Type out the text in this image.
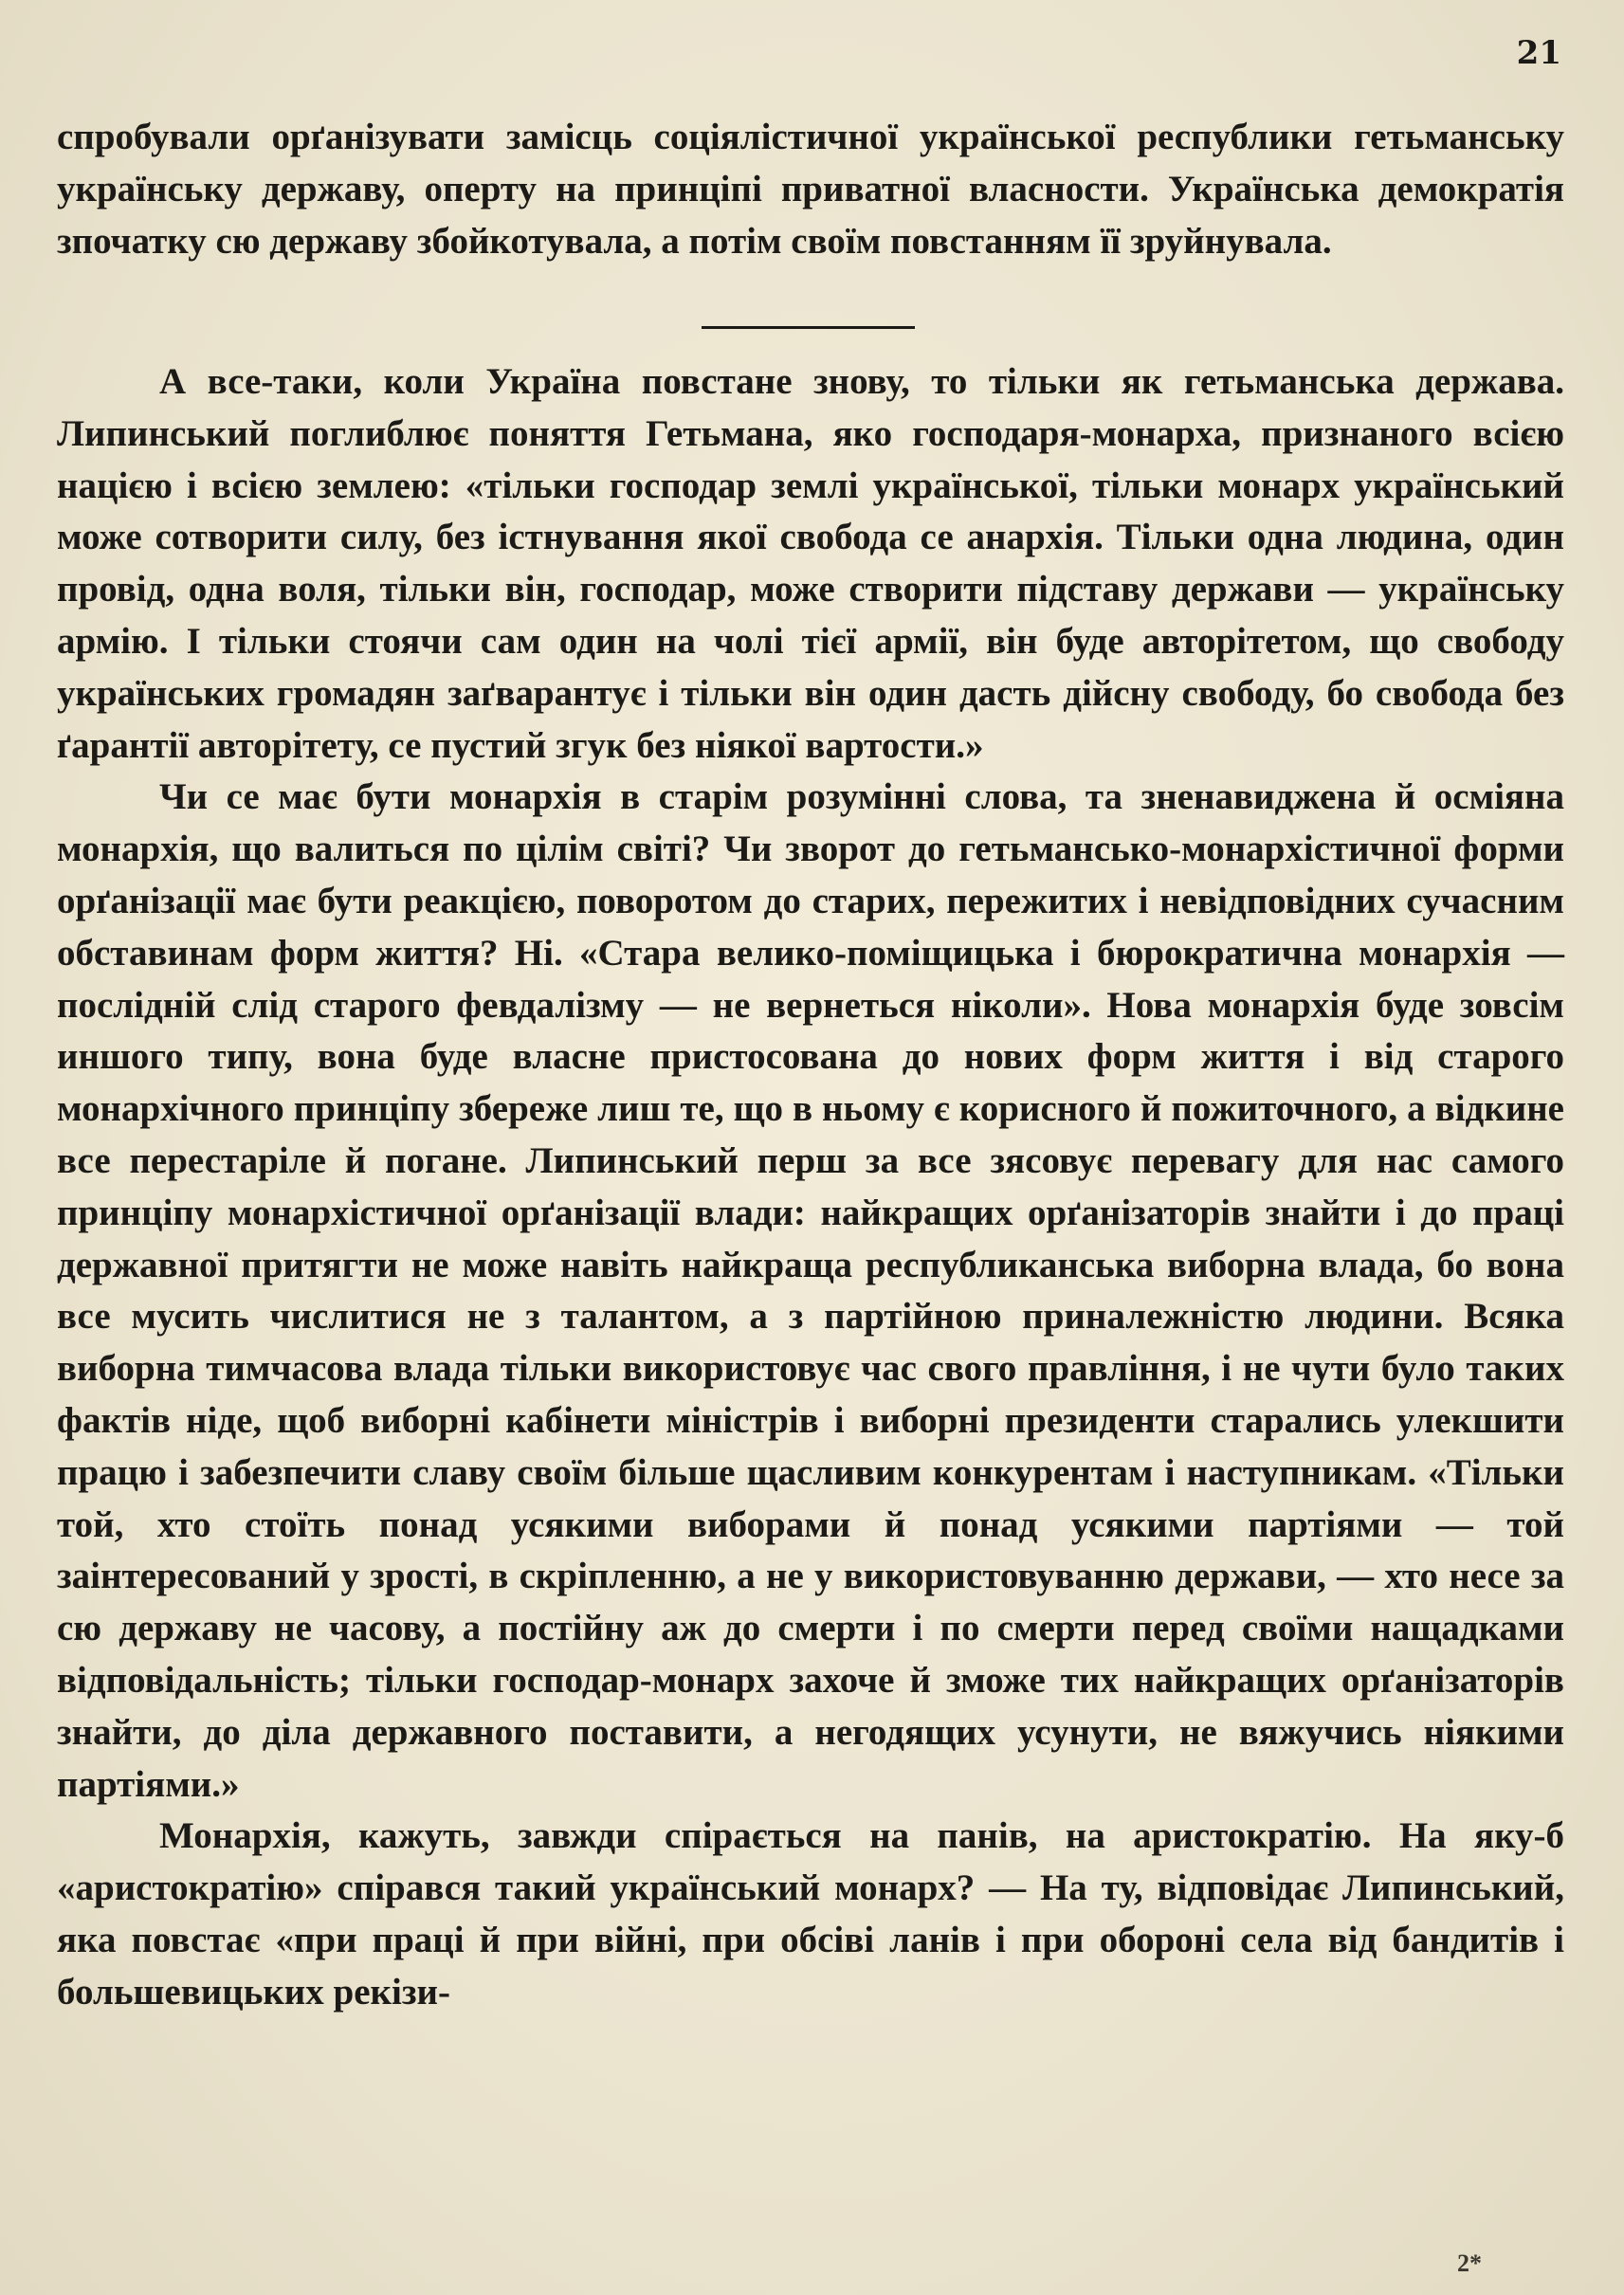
21

спробували орґанізувати замісць соціялістичної української республики гетьманську українську державу, оперту на принціпі приватної власности. Українська демократія зпочатку сю державу збойкотувала, а потім своїм повстанням її зруйнувала.

А все-таки, коли Україна повстане знову, то тільки як гетьманська держава. Липинський поглиблює поняття Гетьмана, яко господаря-монарха, признаного всією нацією і всією землею: «тільки господар землі української, тільки монарх український може сотворити силу, без істнування якої свобода се анархія. Тільки одна людина, один провід, одна воля, тільки він, господар, може створити підставу держави — українську армію. І тільки стоячи сам один на чолі тієї армії, він буде авторітетом, що свободу українських громадян заґварантує і тільки він один дасть дійсну свободу, бо свобода без ґарантії авторітету, се пустий згук без ніякої вартости.»

Чи се має бути монархія в старім розумінні слова, та зненавиджена й осміяна монархія, що валиться по цілім світі? Чи зворот до гетьмансько-монархістичної форми орґанізації має бути реакцією, поворотом до старих, пережитих і невідповідних сучасним обставинам форм життя? Ні. «Стара велико-поміщицька і бюрократична монархія — послідній слід старого февдалізму — не вернеться ніколи». Нова монархія буде зовсім иншого типу, вона буде власне пристосована до нових форм життя і від старого монархічного принціпу збереже лиш те, що в ньому є корисного й пожиточного, а відкине все перестаріле й погане. Липинський перш за все зясовує перевагу для нас самого принціпу монархістичної орґанізації влади: найкращих орґанізаторів знайти і до праці державної притягти не може навіть найкраща республиканська виборна влада, бо вона все мусить числитися не з талантом, а з партійною приналежністю людини. Всяка виборна тимчасова влада тільки використовує час свого правління, і не чути було таких фактів ніде, щоб виборні кабінети міністрів і виборні президенти старались улекшити працю і забезпечити славу своїм більше щасливим конкурентам і наступникам. «Тільки той, хто стоїть понад усякими виборами й понад усякими партіями — той заінтересований у зрості, в скріпленню, а не у використовуванню держави, — хто несе за сю державу не часову, а постійну аж до смерти і по смерти перед своїми нащадками відповідальність; тільки господар-монарх захоче й зможе тих найкращих орґанізаторів знайти, до діла державного поставити, а негодящих усунути, не вяжучись ніякими партіями.»

Монархія, кажуть, завжди спірається на панів, на аристократію. На яку-б «аристократію» спірався такий український монарх? — На ту, відповідає Липинський, яка повстає «при праці й при війні, при обсіві ланів і при обороні села від бандитів і большевицьких рекізи-

2*
